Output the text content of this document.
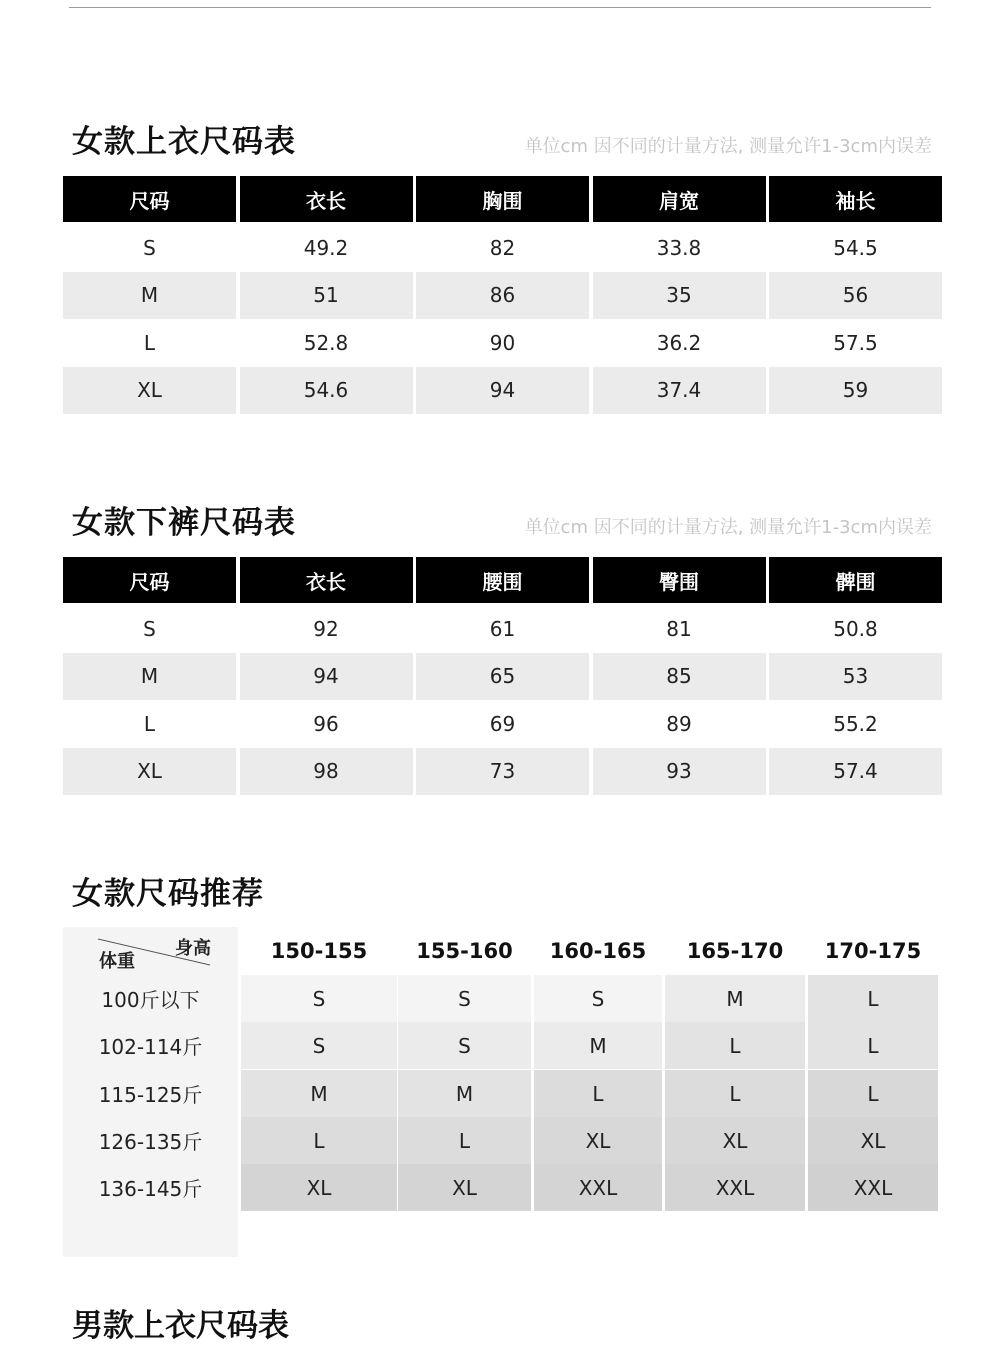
女款上衣尺码表	单位cm 因不同的计量方法, 测量允许1-3cm内误差
尺码	衣长	胸围	肩宽	袖长
S	49.2	82	33.8	54.5
M	51	86	35	56
L	52.8	90	36.2	57.5
XL	54.6	94	37.4	59
女款下裤尺码表	单位cm 因不同的计量方法, 测量允许1-3cm内误差
尺码	衣长	腰围	臀围	髀围
S	92	61	81	50.8
M	94	65	85	53
L	96	69	89	55.2
XL	98	73	93	57.4
女款尺码推荐
身高
体重	150-155	155-160	160-165	165-170	170-175
100斤以下	S	S	S	M	L
102-114斤	S	S	M	L	L
115-125斤	M	M	L	L	L
126-135斤	L	L	XL	XL	XL
136-145斤	XL	XL	XXL	XXL	XXL
男款上衣尺码表
